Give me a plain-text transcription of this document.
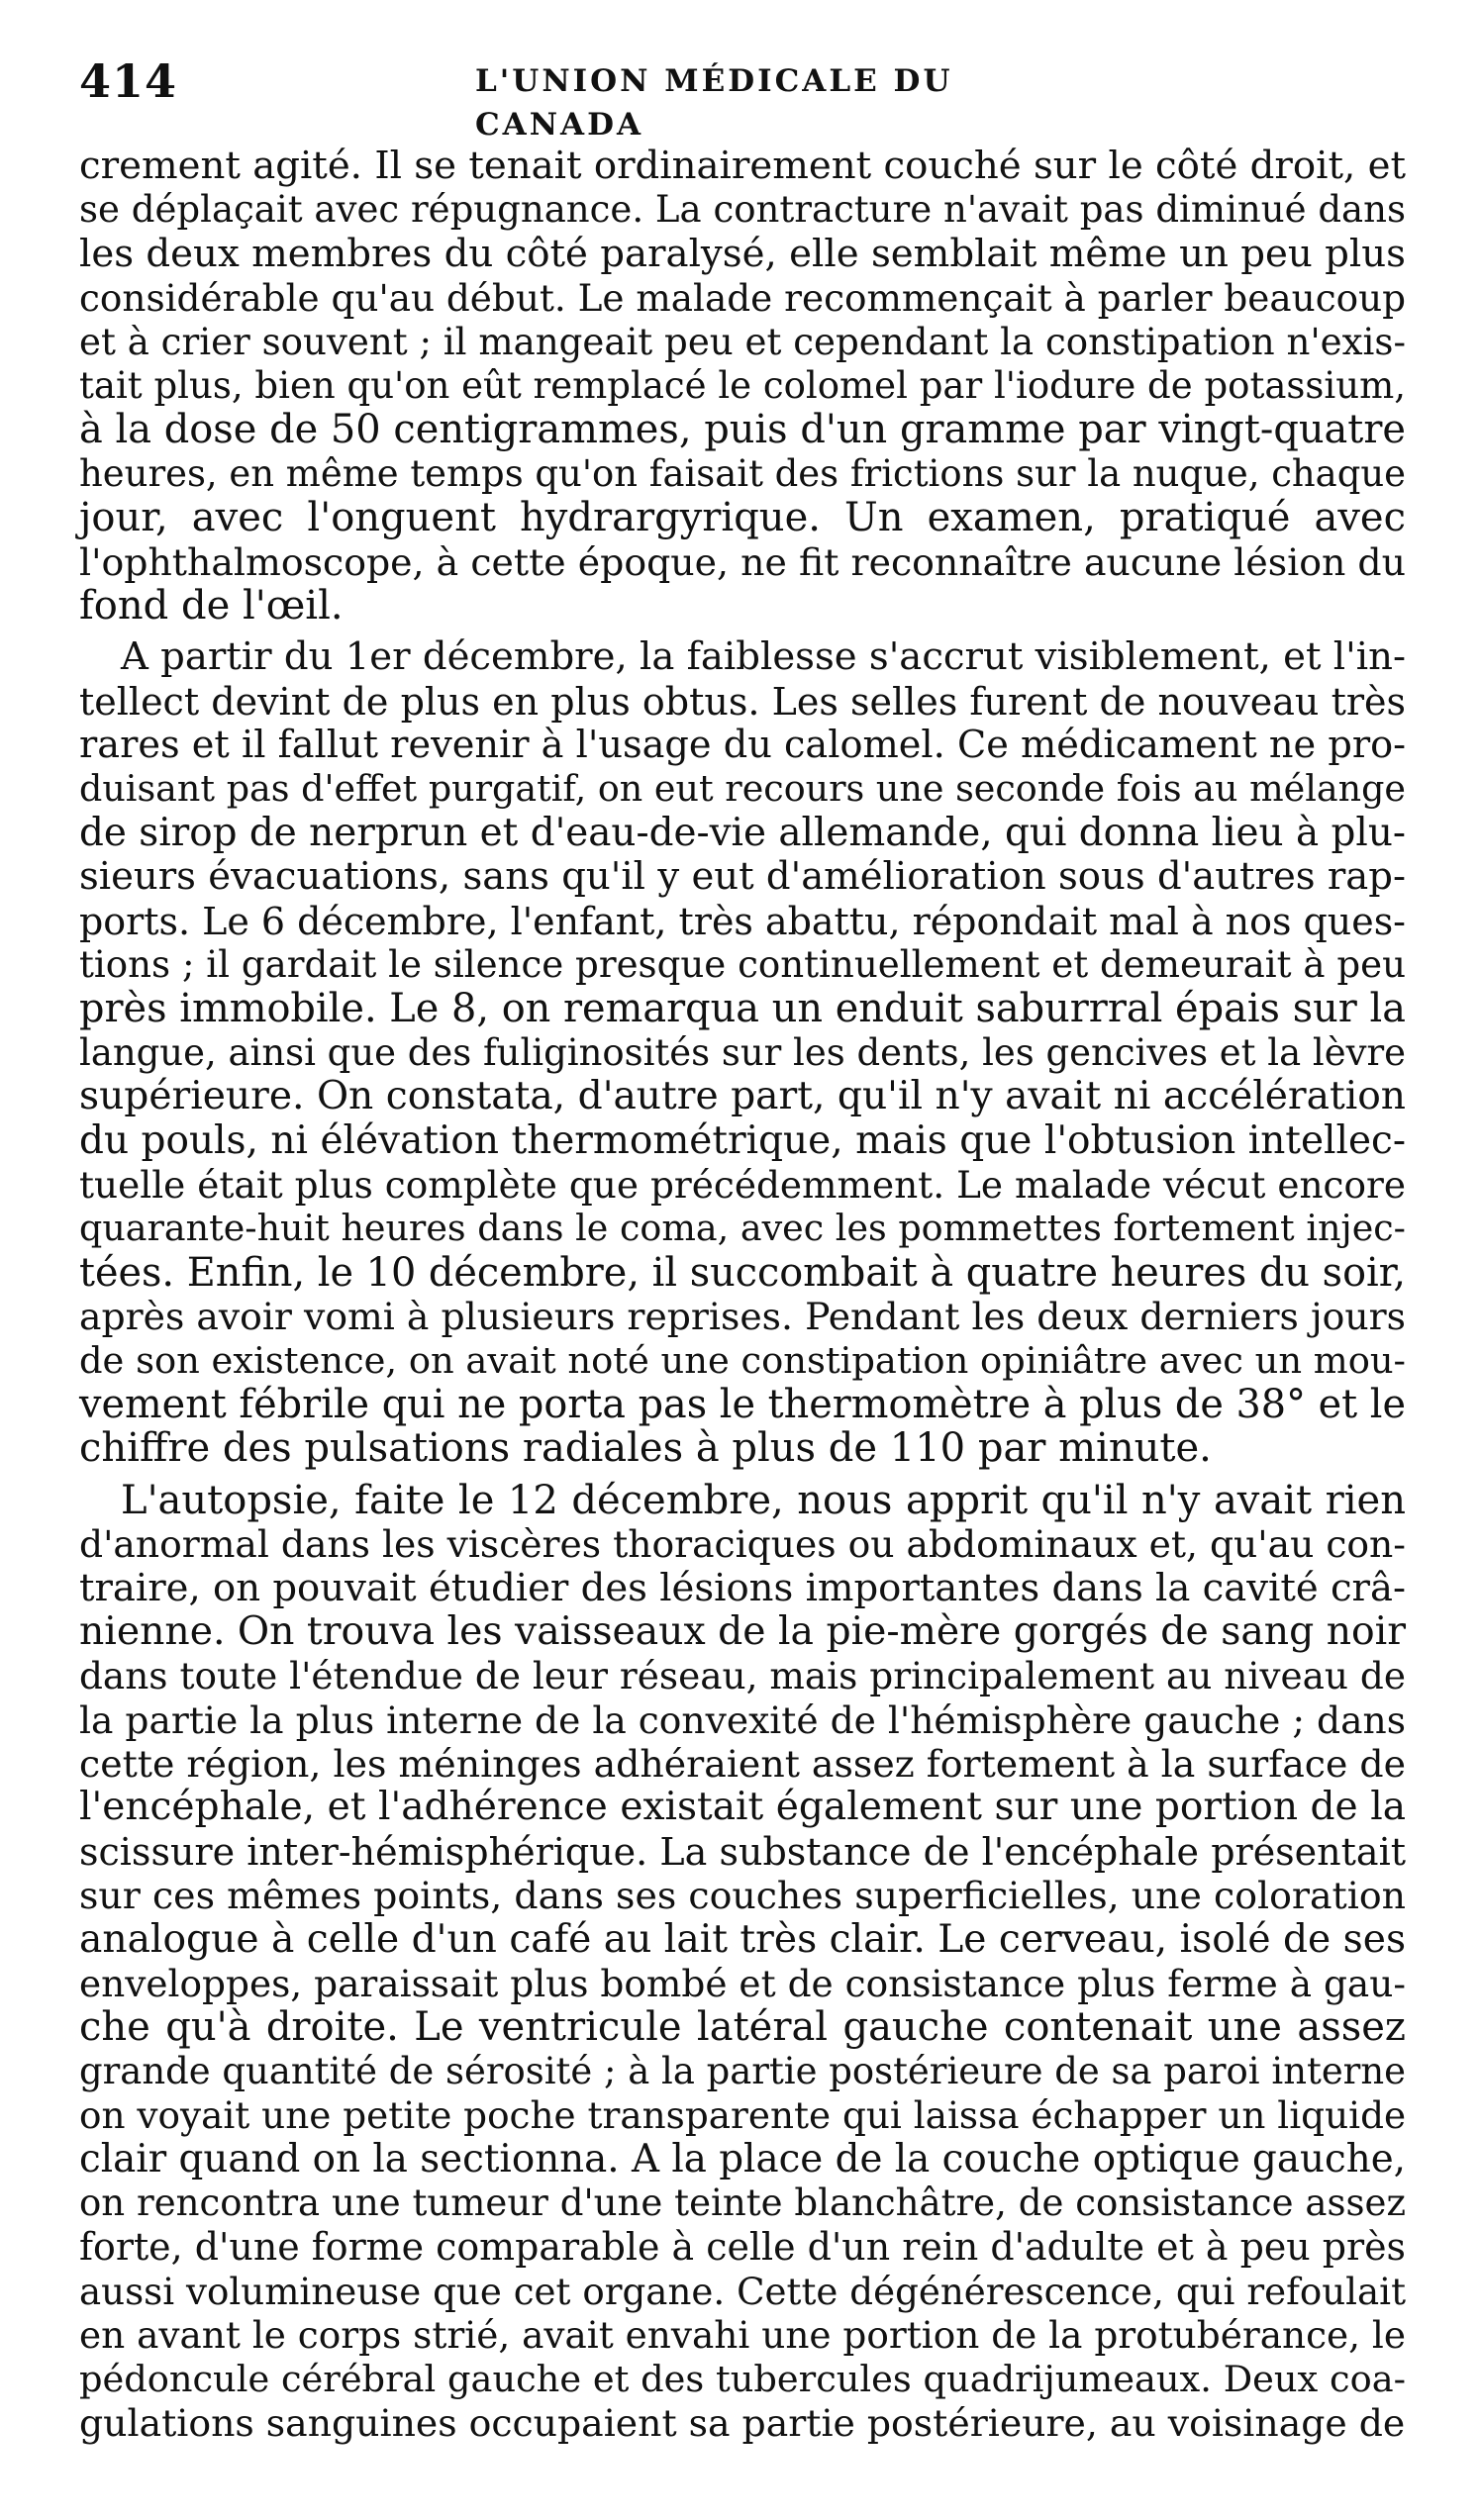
414	L'UNION MÉDICALE DU CANADA
crement agité. Il se tenait ordinairement couché sur le côté droit, et
se déplaçait avec répugnance. La contracture n'avait pas diminué dans
les deux membres du côté paralysé, elle semblait même un peu plus
considérable qu'au début. Le malade recommençait à parler beaucoup
et à crier souvent ; il mangeait peu et cependant la constipation n'exis-
tait plus, bien qu'on eût remplacé le colomel par l'iodure de potassium,
à la dose de 50 centigrammes, puis d'un gramme par vingt-quatre
heures, en même temps qu'on faisait des frictions sur la nuque, chaque
jour, avec l'onguent hydrargyrique. Un examen, pratiqué avec
l'ophthalmoscope, à cette époque, ne fit reconnaître aucune lésion du
fond de l'œil.
A partir du 1er décembre, la faiblesse s'accrut visiblement, et l'in-
tellect devint de plus en plus obtus. Les selles furent de nouveau très
rares et il fallut revenir à l'usage du calomel. Ce médicament ne pro-
duisant pas d'effet purgatif, on eut recours une seconde fois au mélange
de sirop de nerprun et d'eau-de-vie allemande, qui donna lieu à plu-
sieurs évacuations, sans qu'il y eut d'amélioration sous d'autres rap-
ports. Le 6 décembre, l'enfant, très abattu, répondait mal à nos ques-
tions ; il gardait le silence presque continuellement et demeurait à peu
près immobile. Le 8, on remarqua un enduit saburrral épais sur la
langue, ainsi que des fuliginosités sur les dents, les gencives et la lèvre
supérieure. On constata, d'autre part, qu'il n'y avait ni accélération
du pouls, ni élévation thermométrique, mais que l'obtusion intellec-
tuelle était plus complète que précédemment. Le malade vécut encore
quarante-huit heures dans le coma, avec les pommettes fortement injec-
tées. Enfin, le 10 décembre, il succombait à quatre heures du soir,
après avoir vomi à plusieurs reprises. Pendant les deux derniers jours
de son existence, on avait noté une constipation opiniâtre avec un mou-
vement fébrile qui ne porta pas le thermomètre à plus de 38° et le
chiffre des pulsations radiales à plus de 110 par minute.
L'autopsie, faite le 12 décembre, nous apprit qu'il n'y avait rien
d'anormal dans les viscères thoraciques ou abdominaux et, qu'au con-
traire, on pouvait étudier des lésions importantes dans la cavité crâ-
nienne. On trouva les vaisseaux de la pie-mère gorgés de sang noir
dans toute l'étendue de leur réseau, mais principalement au niveau de
la partie la plus interne de la convexité de l'hémisphère gauche ; dans
cette région, les méninges adhéraient assez fortement à la surface de
l'encéphale, et l'adhérence existait également sur une portion de la
scissure inter-hémisphérique. La substance de l'encéphale présentait
sur ces mêmes points, dans ses couches superficielles, une coloration
analogue à celle d'un café au lait très clair. Le cerveau, isolé de ses
enveloppes, paraissait plus bombé et de consistance plus ferme à gau-
che qu'à droite. Le ventricule latéral gauche contenait une assez
grande quantité de sérosité ; à la partie postérieure de sa paroi interne
on voyait une petite poche transparente qui laissa échapper un liquide
clair quand on la sectionna. A la place de la couche optique gauche,
on rencontra une tumeur d'une teinte blanchâtre, de consistance assez
forte, d'une forme comparable à celle d'un rein d'adulte et à peu près
aussi volumineuse que cet organe. Cette dégénérescence, qui refoulait
en avant le corps strié, avait envahi une portion de la protubérance, le
pédoncule cérébral gauche et des tubercules quadrijumeaux. Deux coa-
gulations sanguines occupaient sa partie postérieure, au voisinage de
